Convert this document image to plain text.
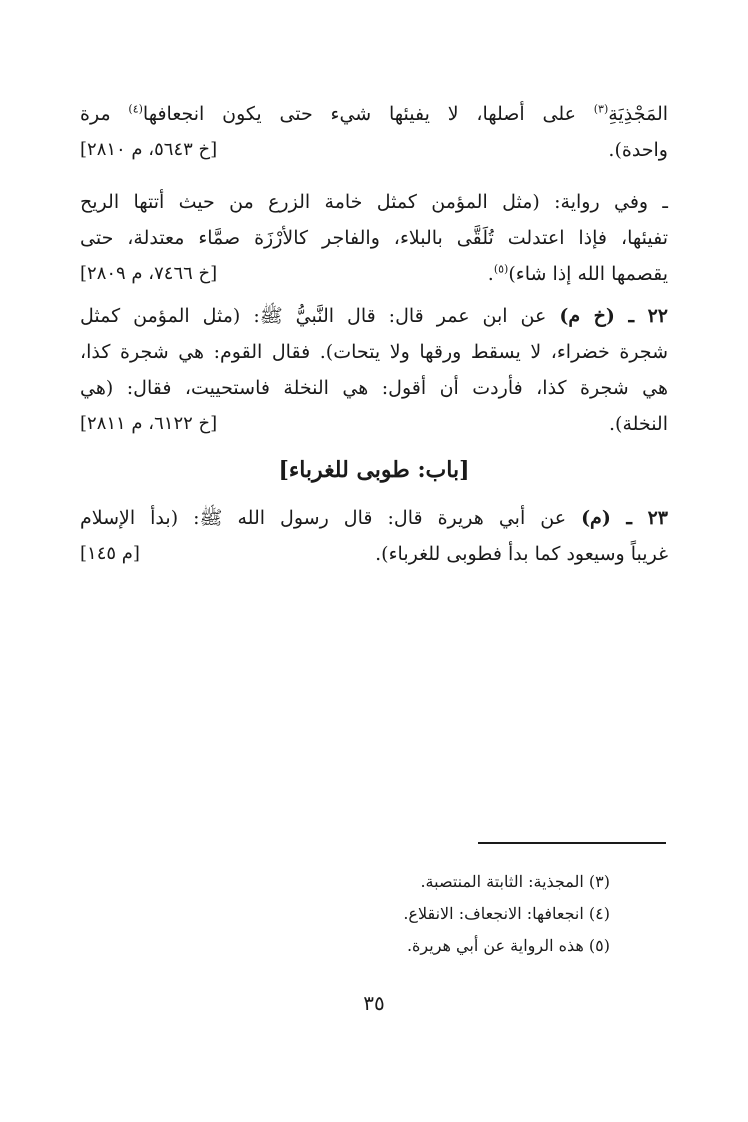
المَجْذِيَةِ$^{(٣)}$ على أصلها، لا يفيئها شيء حتى يكون انجعافها$^{(٤)}$ مرة
واحدة).
[خ ٥٦٤٣، م ٢٨١٠]
ـ وفي رواية: (مثل المؤمن كمثل خامة الزرع من حيث أتتها الريح
تفيئها، فإذا اعتدلت تُلَقَّى بالبلاء، والفاجر كالأرْزَة صمَّاء معتدلة، حتى
يقصمها الله إذا شاء)$^{(٥)}$.
[خ ٧٤٦٦، م ٢٨٠٩]
٢٢ ـ (خ م) عن ابن عمر قال: قال النَّبيُّ ﷺ: (مثل المؤمن كمثل
شجرة خضراء، لا يسقط ورقها ولا يتحات). فقال القوم: هي شجرة كذا،
هي شجرة كذا، فأردت أن أقول: هي النخلة فاستحييت، فقال: (هي
النخلة).
[خ ٦١٢٢، م ٢٨١١]
[باب: طوبى للغرباء]
٢٣ ـ (م) عن أبي هريرة قال: قال رسول الله ﷺ: (بدأ الإسلام
غريباً وسيعود كما بدأ فطوبى للغرباء).
[م ١٤٥]
(٣) المجذية: الثابتة المنتصبة.
(٤) انجعافها: الانجعاف: الانقلاع.
(٥) هذه الرواية عن أبي هريرة.
٣٥
